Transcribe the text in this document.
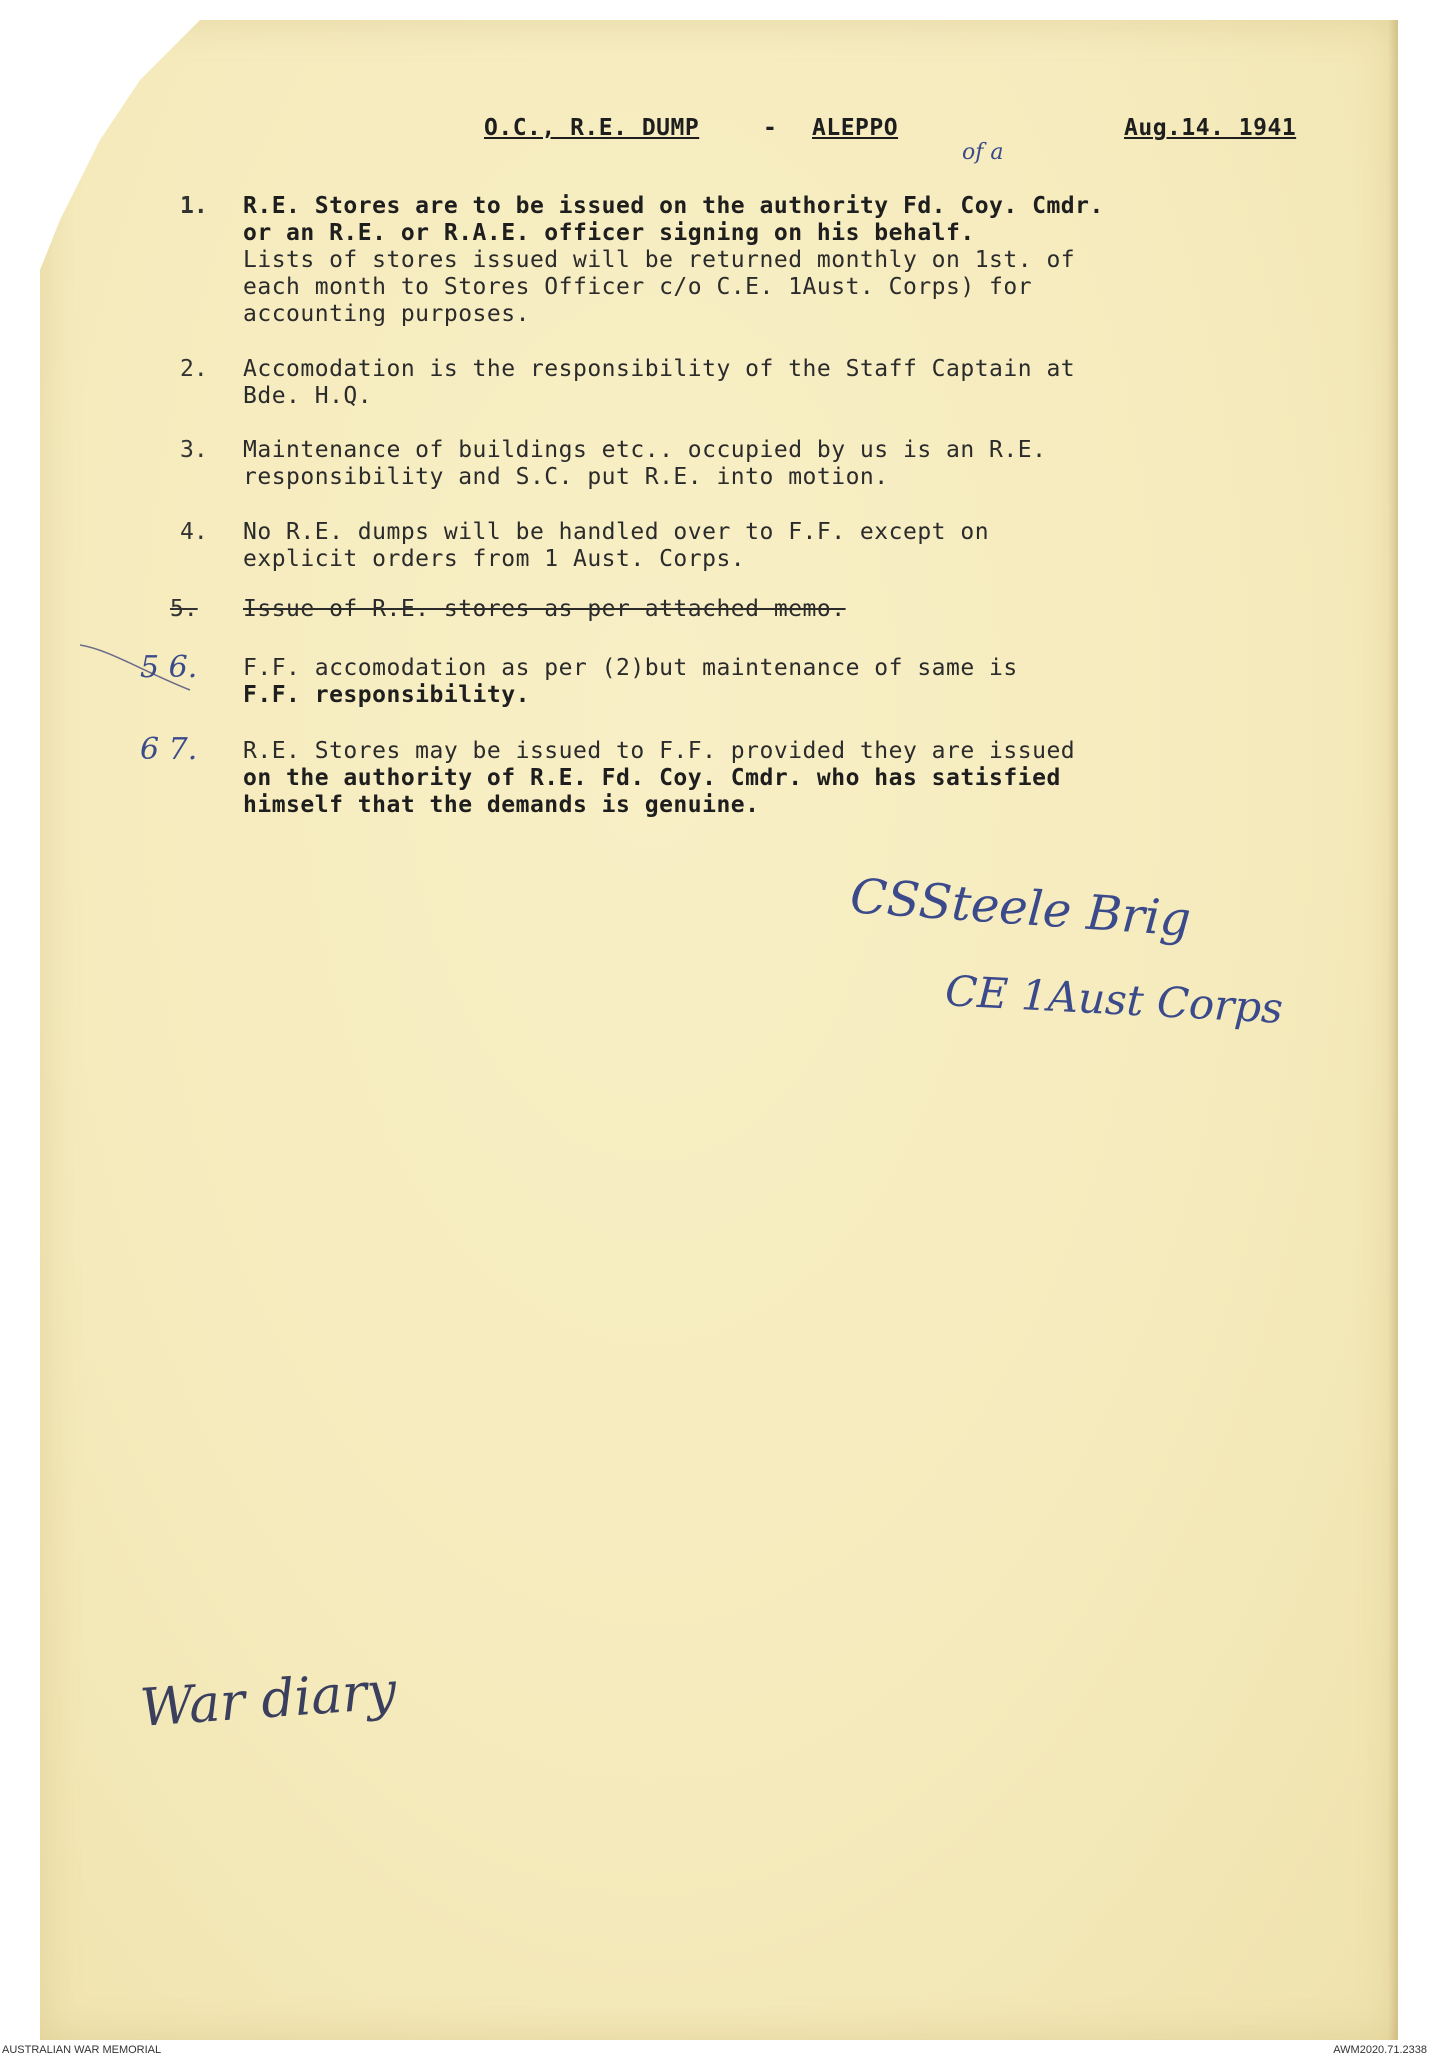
O.C., R.E. DUMP	- ALEPPO	Aug.14. 1941
of a
1. R.E. Stores are to be issued on the authority Fd. Coy. Cmdr.
or an R.E. or R.A.E. officer signing on his behalf.
Lists of stores issued will be returned monthly on 1st. of
each month to Stores Officer c/o C.E. 1Aust. Corps) for
accounting purposes.
2. Accomodation is the responsibility of the Staff Captain at
Bde. H.Q.
3. Maintenance of buildings etc.. occupied by us is an R.E.
responsibility and S.C. put R.E. into motion.
4. No R.E. dumps will be handled over to F.F. except on
explicit orders from 1 Aust. Corps.
5. Issue of R.E. stores as per attached memo.
5 6. F.F. accomodation as per (2)but maintenance of same is
F.F. responsibility.
6 7. R.E. Stores may be issued to F.F. provided they are issued
on the authority of R.E. Fd. Coy. Cmdr. who has satisfied
himself that the demands is genuine.
CSSteele Brig
CE 1Aust Corps
War diary
AUSTRALIAN WAR MEMORIAL	AWM2020.71.2338
